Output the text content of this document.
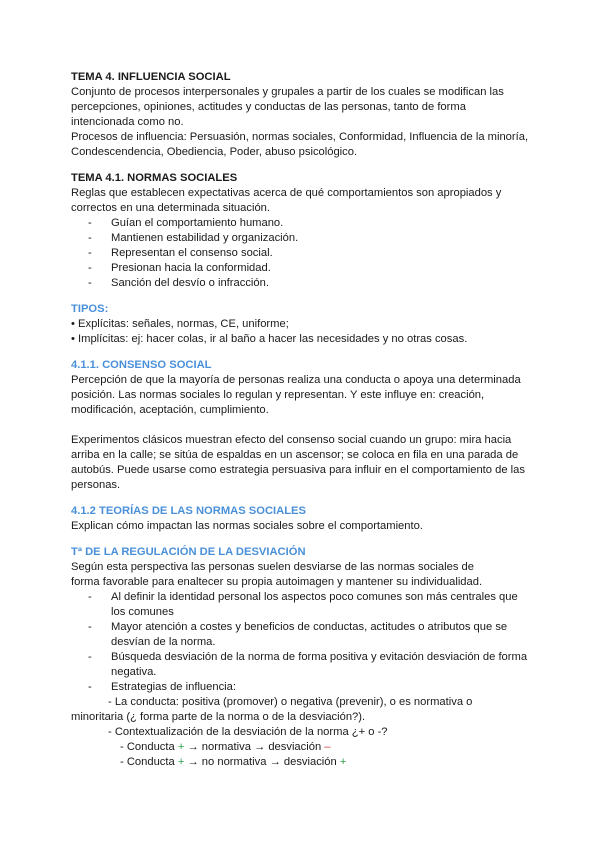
TEMA 4. INFLUENCIA SOCIAL
Conjunto de procesos interpersonales y grupales a partir de los cuales se modifican las
percepciones, opiniones, actitudes y conductas de las personas, tanto de forma
intencionada como no.
Procesos de influencia: Persuasión, normas sociales, Conformidad, Influencia de la minoría,
Condescendencia, Obediencia, Poder, abuso psicológico.
TEMA 4.1. NORMAS SOCIALES
Reglas que establecen expectativas acerca de qué comportamientos son apropiados y
correctos en una determinada situación.
-	Guían el comportamiento humano.
-	Mantienen estabilidad y organización.
-	Representan el consenso social.
-	Presionan hacia la conformidad.
-	Sanción del desvío o infracción.
TIPOS:
• Explícitas: señales, normas, CE, uniforme;
• Implícitas: ej: hacer colas, ir al baño a hacer las necesidades y no otras cosas.
4.1.1. CONSENSO SOCIAL
Percepción de que la mayoría de personas realiza una conducta o apoya una determinada
posición. Las normas sociales lo regulan y representan. Y este influye en: creación,
modificación, aceptación, cumplimiento.
Experimentos clásicos muestran efecto del consenso social cuando un grupo: mira hacia
arriba en la calle; se sitúa de espaldas en un ascensor; se coloca en fila en una parada de
autobús. Puede usarse como estrategia persuasiva para influir en el comportamiento de las
personas.
4.1.2 TEORÍAS DE LAS NORMAS SOCIALES
Explican cómo impactan las normas sociales sobre el comportamiento.
Tª DE LA REGULACIÓN DE LA DESVIACIÓN
Según esta perspectiva las personas suelen desviarse de las normas sociales de
forma favorable para enaltecer su propia autoimagen y mantener su individualidad.
-	Al definir la identidad personal los aspectos poco comunes son más centrales que
los comunes
-	Mayor atención a costes y beneficios de conductas, actitudes o atributos que se
desvían de la norma.
-	Búsqueda desviación de la norma de forma positiva y evitación desviación de forma
negativa.
-	Estrategias de influencia:
- La conducta: positiva (promover) o negativa (prevenir), o es normativa o
minoritaria (¿ forma parte de la norma o de la desviación?).
- Contextualización de la desviación de la norma ¿+ o -?
- Conducta + → normativa → desviación –
- Conducta + → no normativa → desviación +
